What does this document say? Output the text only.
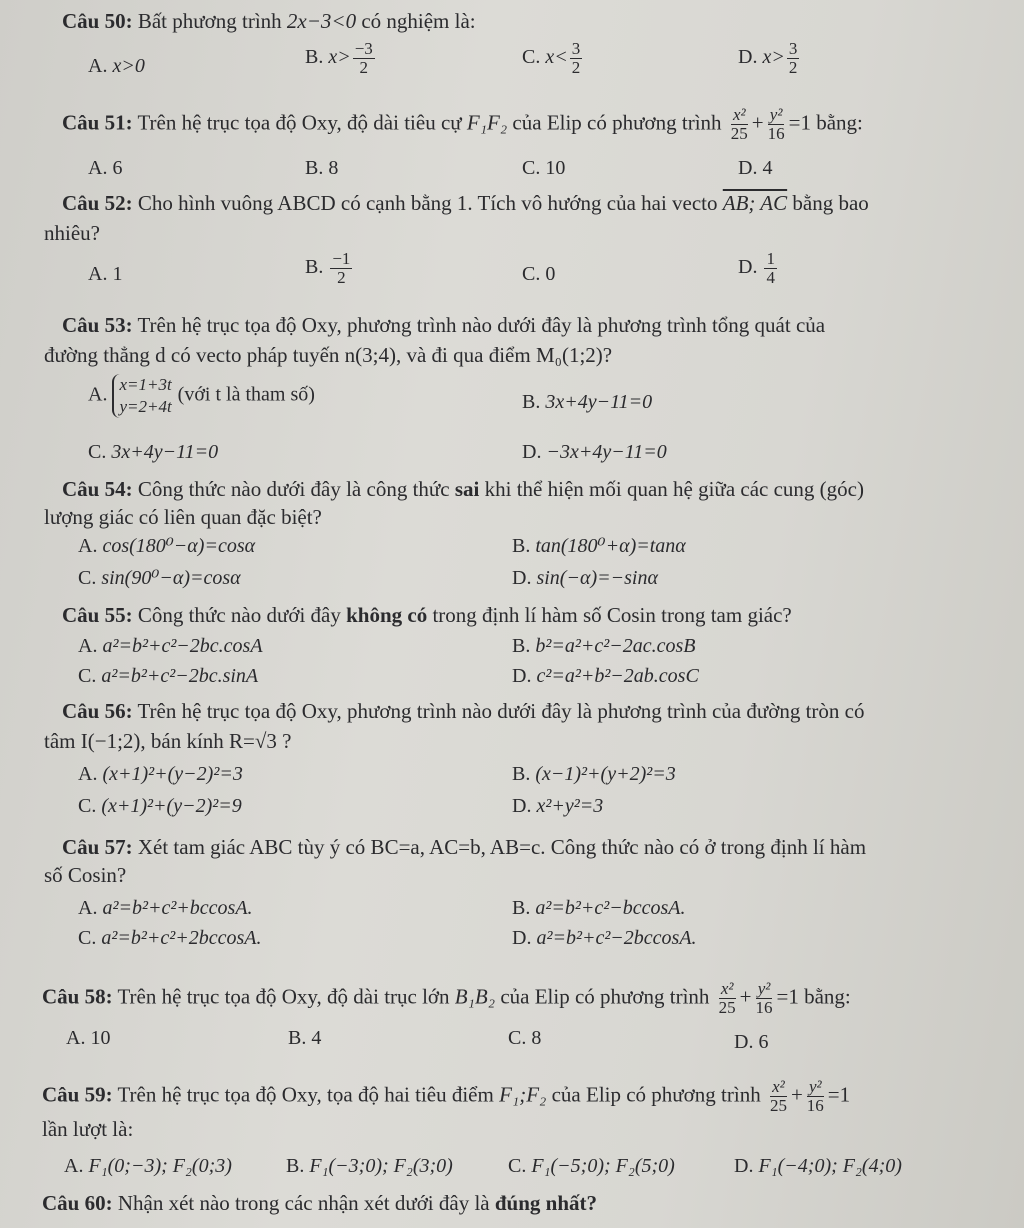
Câu 50: Bất phương trình 2x−3<0 có nghiệm là:
A. x>0	B. $x> \frac{-3}{2}$	C. $x< \frac{3}{2}$	D. $x> \frac{3}{2}$
Câu 51: Trên hệ trục tọa độ Oxy, độ dài tiêu cự F₁F₂ của Elip có phương trình $\frac{\text{x²}}{25} + \frac{\text{y²}}{16} =1$ bằng:
A. 6	B. 8	C. 10	D. 4
Câu 52: Cho hình vuông ABCD có cạnh bằng 1. Tích vô hướng của hai vecto AB; AC bằng bao
nhiêu?
A. 1	B. $\frac{-1}{2}$	C. 0	D. $\frac{1}{4}$
Câu 53: Trên hệ trục tọa độ Oxy, phương trình nào dưới đây là phương trình tổng quát của
đường thẳng d có vecto pháp tuyến n(3;4), và đi qua điểm M₀(1;2)?
A. x=1+3t
y=2+4t
(với t là tham số)	B. 3x+4y−11=0
C. 3x+4y−11=0	D. −3x+4y−11=0
Câu 54: Công thức nào dưới đây là công thức sai khi thể hiện mối quan hệ giữa các cung (góc)
lượng giác có liên quan đặc biệt?
A. cos(180⁰−α)=cosα	B. tan(180⁰+α)=tanα
C. sin(90⁰−α)=cosα	D. sin(−α)=−sinα
Câu 55: Công thức nào dưới đây không có trong định lí hàm số Cosin trong tam giác?
A. a²=b²+c²−2bc.cosA	B. b²=a²+c²−2ac.cosB
C. a²=b²+c²−2bc.sinA	D. c²=a²+b²−2ab.cosC
Câu 56: Trên hệ trục tọa độ Oxy, phương trình nào dưới đây là phương trình của đường tròn có
tâm I(−1;2), bán kính R=√3 ?
A. (x+1)²+(y−2)²=3	B. (x−1)²+(y+2)²=3
C. (x+1)²+(y−2)²=9	D. x²+y²=3
Câu 57: Xét tam giác ABC tùy ý có BC=a, AC=b, AB=c. Công thức nào có ở trong định lí hàm
số Cosin?
A. a²=b²+c²+bccosA.	B. a²=b²+c²−bccosA.
C. a²=b²+c²+2bccosA.	D. a²=b²+c²−2bccosA.
Câu 58: Trên hệ trục tọa độ Oxy, độ dài trục lớn B₁B₂ của Elip có phương trình $\frac{\text{x²}}{25} + \frac{\text{y²}}{16} =1$ bằng:
A. 10	B. 4	C. 8	D. 6
Câu 59: Trên hệ trục tọa độ Oxy, tọa độ hai tiêu điểm F₁;F₂ của Elip có phương trình $\frac{\text{x²}}{25} + \frac{\text{y²}}{16} =1$
lần lượt là:
A. F₁(0;−3); F₂(0;3)	B. F₁(−3;0); F₂(3;0)	C. F₁(−5;0); F₂(5;0)	D. F₁(−4;0); F₂(4;0)
Câu 60: Nhận xét nào trong các nhận xét dưới đây là đúng nhất?
